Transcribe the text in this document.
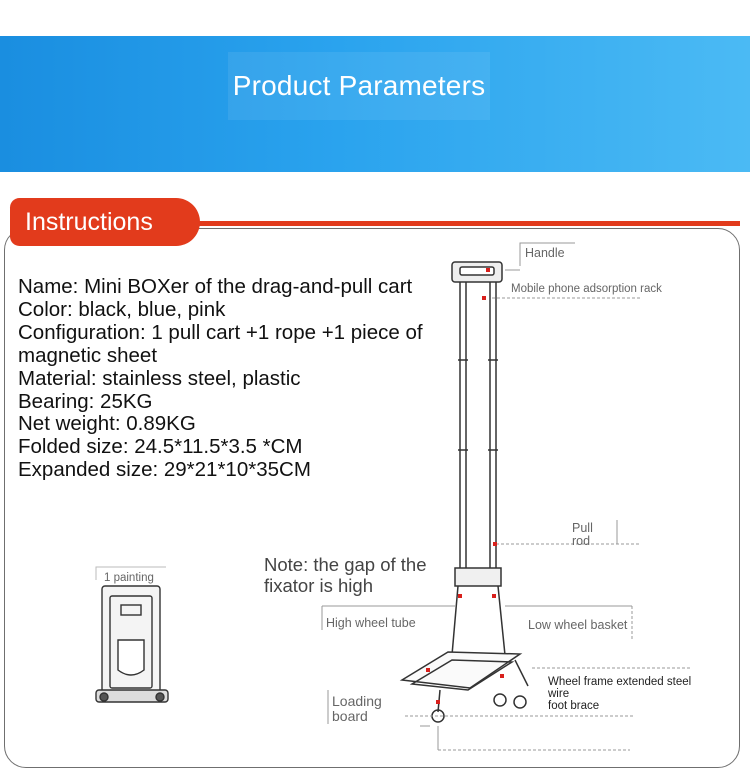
Product Parameters
Instructions
Name: Mini BOXer of the drag-and-pull cart
Color: black, blue, pink
Configuration: 1 pull cart +1 rope +1 piece of magnetic sheet
Material: stainless steel, plastic
Bearing: 25KG
Net weight: 0.89KG
Folded size: 24.5*11.5*3.5 *CM
Expanded size: 29*21*10*35CM
Note: the gap of the fixator is high
1 painting
Handle
Mobile phone adsorption rack
Pull rod
High wheel tube	Low wheel basket
Wheel frame extended steel wire
foot brace
Loading board
